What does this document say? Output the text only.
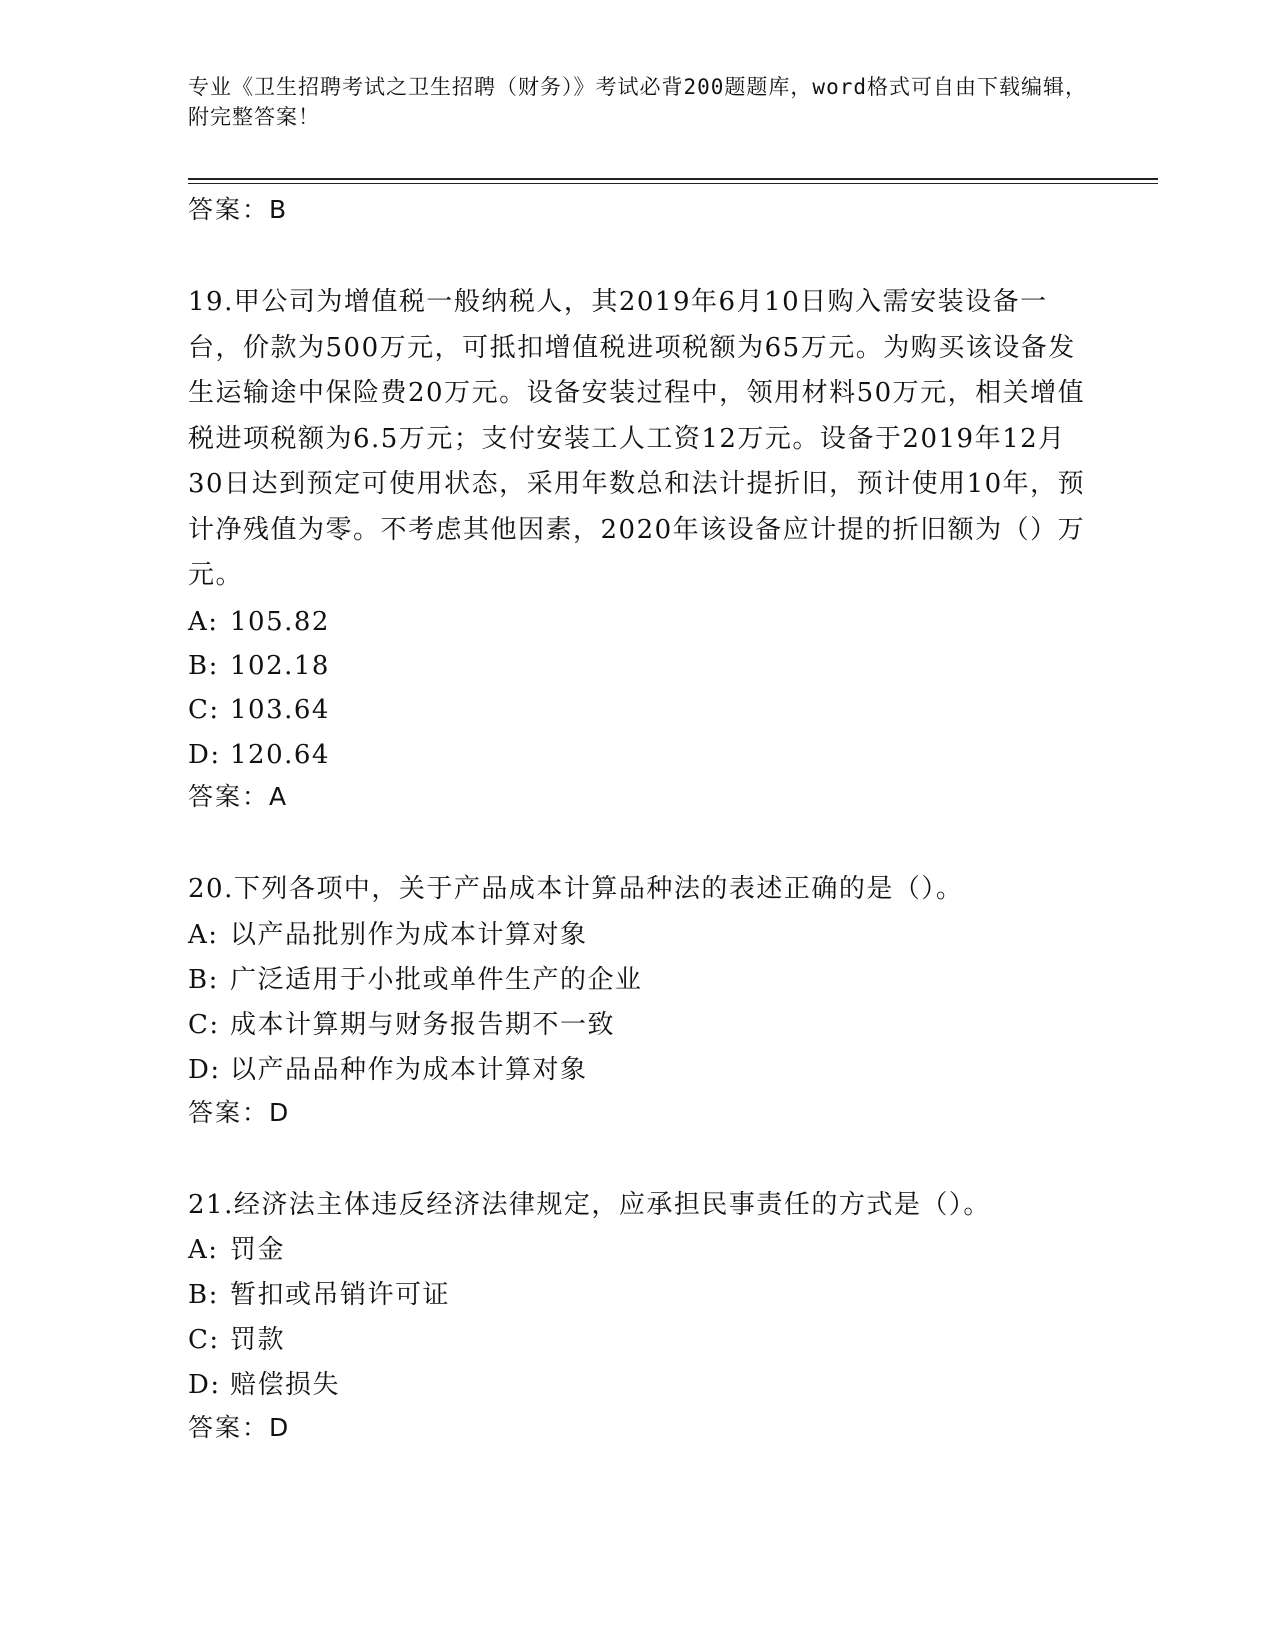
专业《卫生招聘考试之卫生招聘（财务）》考试必背200题题库，word格式可自由下载编辑，附完整答案！
答案：B
19.甲公司为增值税一般纳税人，其2019年6月10日购入需安装设备一台，价款为500万元，可抵扣增值税进项税额为65万元。为购买该设备发生运输途中保险费20万元。设备安装过程中，领用材料50万元，相关增值税进项税额为6.5万元；支付安装工人工资12万元。设备于2019年12月30日达到预定可使用状态，采用年数总和法计提折旧，预计使用10年，预计净残值为零。不考虑其他因素，2020年该设备应计提的折旧额为（）万元。
A: 105.82
B: 102.18
C: 103.64
D: 120.64
答案：A
20.下列各项中，关于产品成本计算品种法的表述正确的是（）。
A: 以产品批别作为成本计算对象
B: 广泛适用于小批或单件生产的企业
C: 成本计算期与财务报告期不一致
D: 以产品品种作为成本计算对象
答案：D
21.经济法主体违反经济法律规定，应承担民事责任的方式是（）。
A: 罚金
B: 暂扣或吊销许可证
C: 罚款
D: 赔偿损失
答案：D
